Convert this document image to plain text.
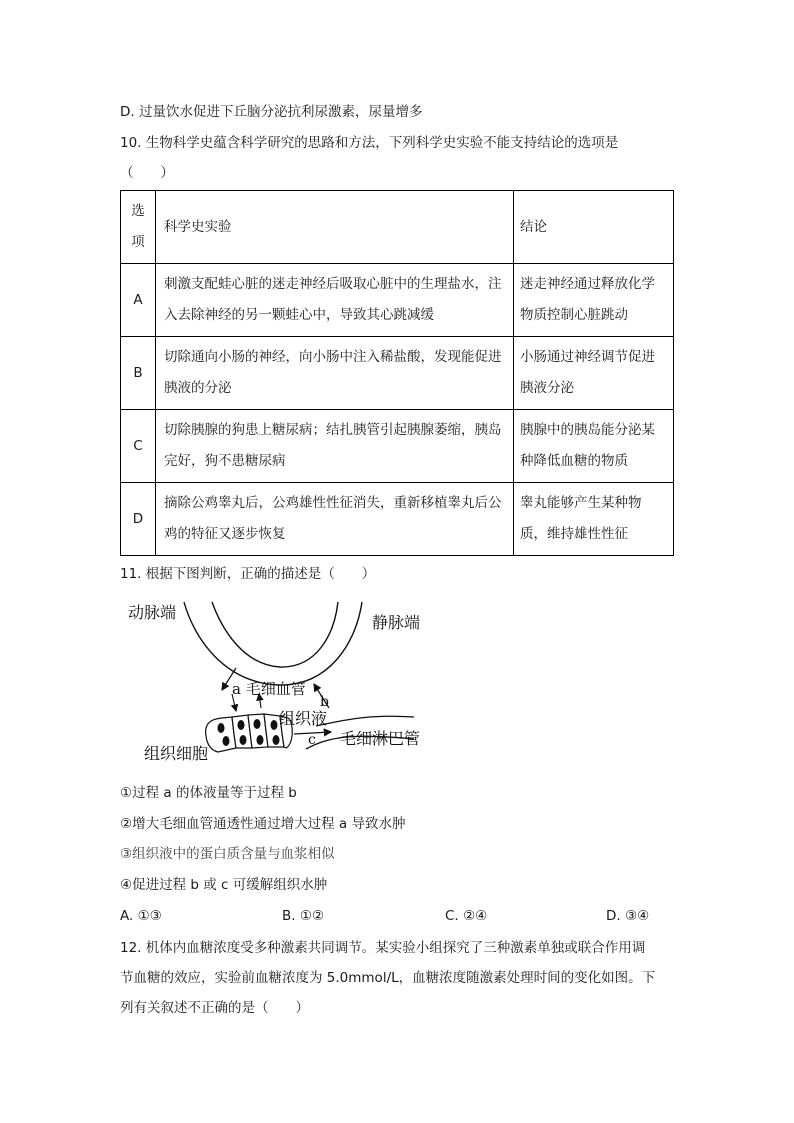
D. 过量饮水促进下丘脑分泌抗利尿激素，尿量增多
10. 生物科学史蕴含科学研究的思路和方法，下列科学史实验不能支持结论的选项是
（　　）
选项	科学史实验	结论
A	刺激支配蛙心脏的迷走神经后吸取心脏中的生理盐水，注入去除神经的另一颗蛙心中，导致其心跳减缓	迷走神经通过释放化学物质控制心脏跳动

B	切除通向小肠的神经，向小肠中注入稀盐酸，发现能促进胰液的分泌	小肠通过神经调节促进胰液分泌

C	切除胰腺的狗患上糖尿病；结扎胰管引起胰腺萎缩，胰岛完好，狗不患糖尿病	胰腺中的胰岛能分泌某种降低血糖的物质

D	摘除公鸡睾丸后，公鸡雄性性征消失，重新移植睾丸后公鸡的特征又逐步恢复	睾丸能够产生某种物质，维持雄性性征
11. 根据下图判断，正确的描述是（　　）
动脉端
静脉端
a 毛细血管
b
组织液
c 毛细淋巴管
组织细胞
①过程 a 的体液量等于过程 b
②增大毛细血管通透性通过增大过程 a 导致水肿
③组织液中的蛋白质含量与血浆相似
④促进过程 b 或 c 可缓解组织水肿
A. ①③	B. ①②	C. ②④	D. ③④
12. 机体内血糖浓度受多种激素共同调节。某实验小组探究了三种激素单独或联合作用调
节血糖的效应，实验前血糖浓度为 5.0mmol/L，血糖浓度随激素处理时间的变化如图。下
列有关叙述不正确的是（　　）
